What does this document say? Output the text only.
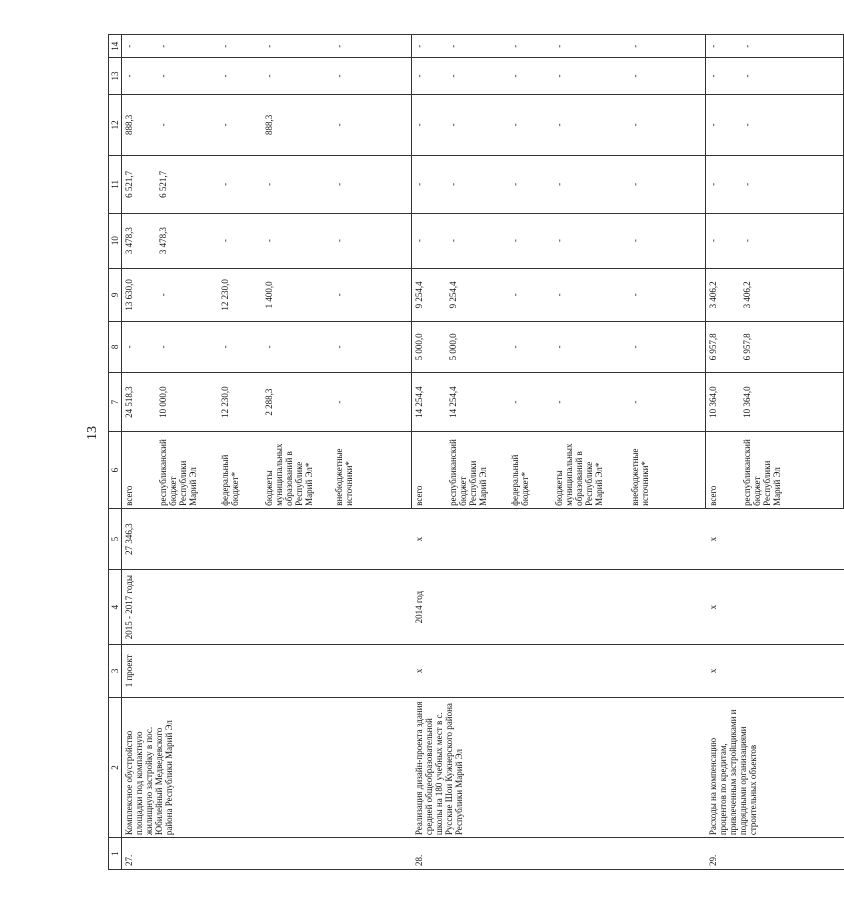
13
1	2	3	4	5	6	7	8	9	10	11	12	13	14
27.	Комплексное обустройство площадки под компактную жилищную застройку в пос. Юбилейный Медведевского района Республики Марий Эл	1 проект	2015 - 2017 годы	27 346,3	всего	24 518,3	-	13 630,0	3 478,3	6 521,7	888,3	-	-
					республиканский бюджет Республики Марий Эл	10 000,0	-	-	3 478,3	6 521,7	-	-	-
					федеральный бюджет*	12 230,0	-	12 230,0	-	-	-	-	-
					бюджеты муниципальных образований в Республике Марий Эл*	2 288,3	-	1 400,0	-	-	888,3	-	-
					внебюджетные источники*	-	-	-	-	-	-	-	-
28.	Реализация дизайн-проекта здания средней общеобразовательной школы на 180 учебных мест в с. Русские Шои Кужнерского района Республики Марий Эл	х	2014 год	х	всего	14 254,4	5 000,0	9 254,4	-	-	-	-	-
					республиканский бюджет Республики Марий Эл	14 254,4	5 000,0	9 254,4	-	-	-	-	-
					федеральный бюджет*	-	-	-	-	-	-	-	-
					бюджеты муниципальных образований в Республике Марий Эл*	-	-	-	-	-	-	-	-
					внебюджетные источники*	-	-	-	-	-	-	-	-
29.	Расходы на компенсацию процентов по кредитам, привлеченным застройщиками и подрядными организациями строительных объектов	х	х	х	всего	10 364,0	6 957,8	3 406,2	-	-	-	-	-
					республиканский бюджет Республики Марий Эл	10 364,0	6 957,8	3 406,2	-	-	-	-	-
